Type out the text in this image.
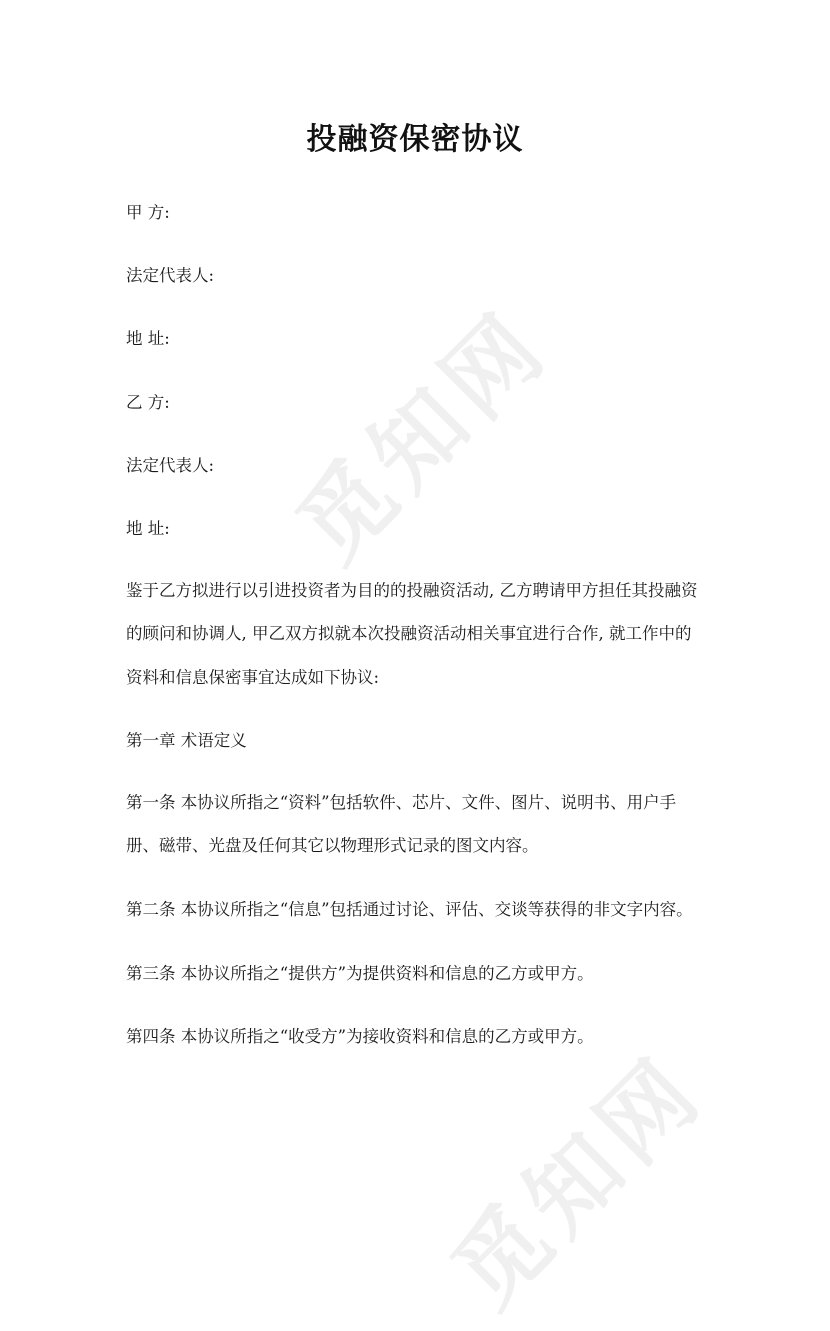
觅知网
觅知网
投融资保密协议
甲 方:
法定代表人:
地 址:
乙 方:
法定代表人:
地 址:
鉴于乙方拟进行以引进投资者为目的的投融资活动, 乙方聘请甲方担任其投融资
的顾问和协调人, 甲乙双方拟就本次投融资活动相关事宜进行合作, 就工作中的
资料和信息保密事宜达成如下协议:
第一章 术语定义
第一条 本协议所指之“资料”包括软件、芯片、文件、图片、说明书、用户手
册、磁带、光盘及任何其它以物理形式记录的图文内容。
第二条 本协议所指之“信息”包括通过讨论、评估、交谈等获得的非文字内容。
第三条 本协议所指之“提供方”为提供资料和信息的乙方或甲方。
第四条 本协议所指之“收受方”为接收资料和信息的乙方或甲方。
